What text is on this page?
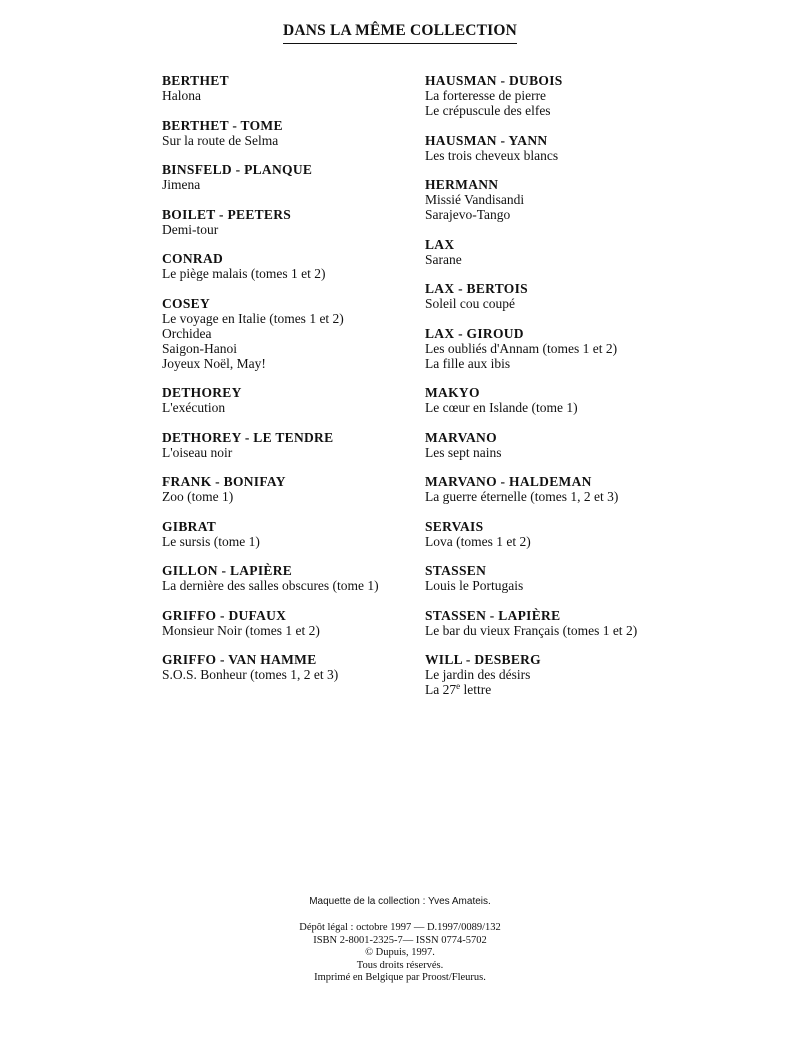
DANS LA MÊME COLLECTION
BERTHET
Halona
BERTHET - TOME
Sur la route de Selma
BINSFELD - PLANQUE
Jimena
BOILET - PEETERS
Demi-tour
CONRAD
Le piège malais (tomes 1 et 2)
COSEY
Le voyage en Italie (tomes 1 et 2)
Orchidea
Saigon-Hanoi
Joyeux Noël, May!
DETHOREY
L'exécution
DETHOREY - LE TENDRE
L'oiseau noir
FRANK - BONIFAY
Zoo (tome 1)
GIBRAT
Le sursis (tome 1)
GILLON - LAPIÈRE
La dernière des salles obscures (tome 1)
GRIFFO - DUFAUX
Monsieur Noir (tomes 1 et 2)
GRIFFO - VAN HAMME
S.O.S. Bonheur (tomes 1, 2 et 3)
HAUSMAN - DUBOIS
La forteresse de pierre
Le crépuscule des elfes
HAUSMAN - YANN
Les trois cheveux blancs
HERMANN
Missié Vandisandi
Sarajevo-Tango
LAX
Sarane
LAX - BERTOIS
Soleil cou coupé
LAX - GIROUD
Les oubliés d'Annam (tomes 1 et 2)
La fille aux ibis
MAKYO
Le cœur en Islande (tome 1)
MARVANO
Les sept nains
MARVANO - HALDEMAN
La guerre éternelle (tomes 1, 2 et 3)
SERVAIS
Lova (tomes 1 et 2)
STASSEN
Louis le Portugais
STASSEN - LAPIÈRE
Le bar du vieux Français (tomes 1 et 2)
WILL - DESBERG
Le jardin des désirs
La 27e lettre
Maquette de la collection : Yves Amateis.
Dépôt légal : octobre 1997 — D.1997/0089/132
ISBN 2-8001-2325-7— ISSN 0774-5702
© Dupuis, 1997.
Tous droits réservés.
Imprimé en Belgique par Proost/Fleurus.
